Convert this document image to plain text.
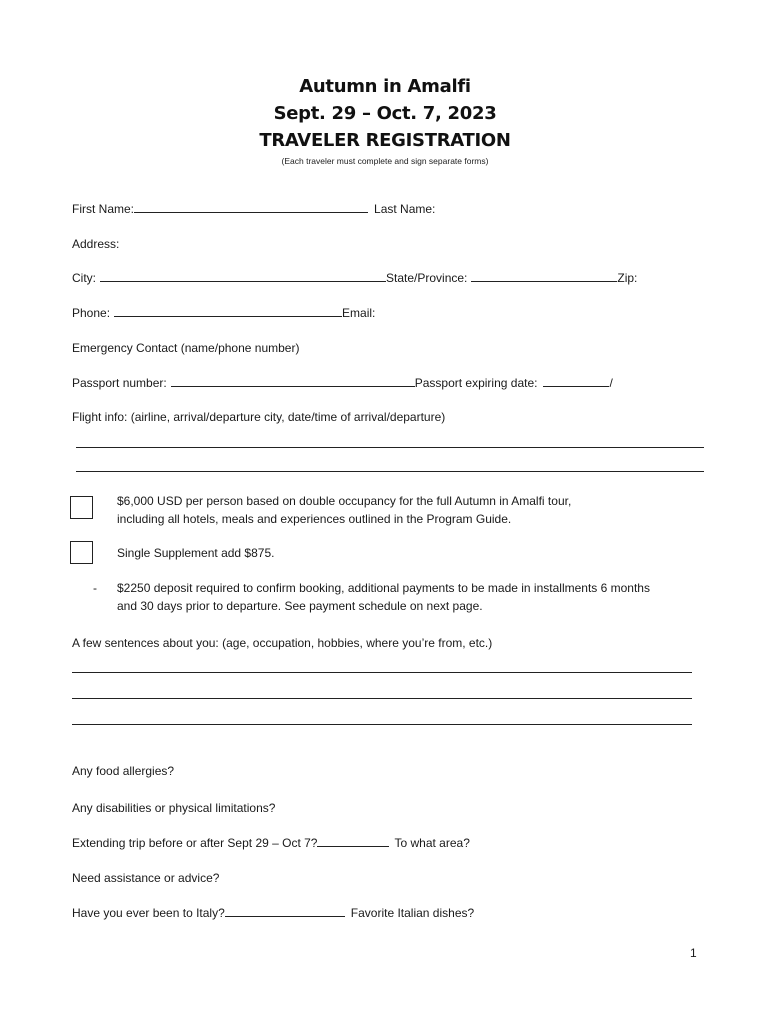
Autumn in Amalfi
Sept. 29 – Oct. 7, 2023
TRAVELER REGISTRATION
(Each traveler must complete and sign separate forms)
First Name:	Last Name:
Address:
City:	State/Province:	Zip:
Phone:	Email:
Emergency Contact (name/phone number)
Passport number:	Passport expiring date:	/
Flight info: (airline, arrival/departure city, date/time of arrival/departure)
$6,000 USD per person based on double occupancy for the full Autumn in Amalfi tour,
including all hotels, meals and experiences outlined in the Program Guide.
Single Supplement add $875.
- $2250 deposit required to confirm booking, additional payments to be made in installments 6 months
and 30 days prior to departure. See payment schedule on next page.
A few sentences about you: (age, occupation, hobbies, where you’re from, etc.)
Any food allergies?
Any disabilities or physical limitations?
Extending trip before or after Sept 29 – Oct 7?	To what area?
Need assistance or advice?
Have you ever been to Italy?	Favorite Italian dishes?
1
